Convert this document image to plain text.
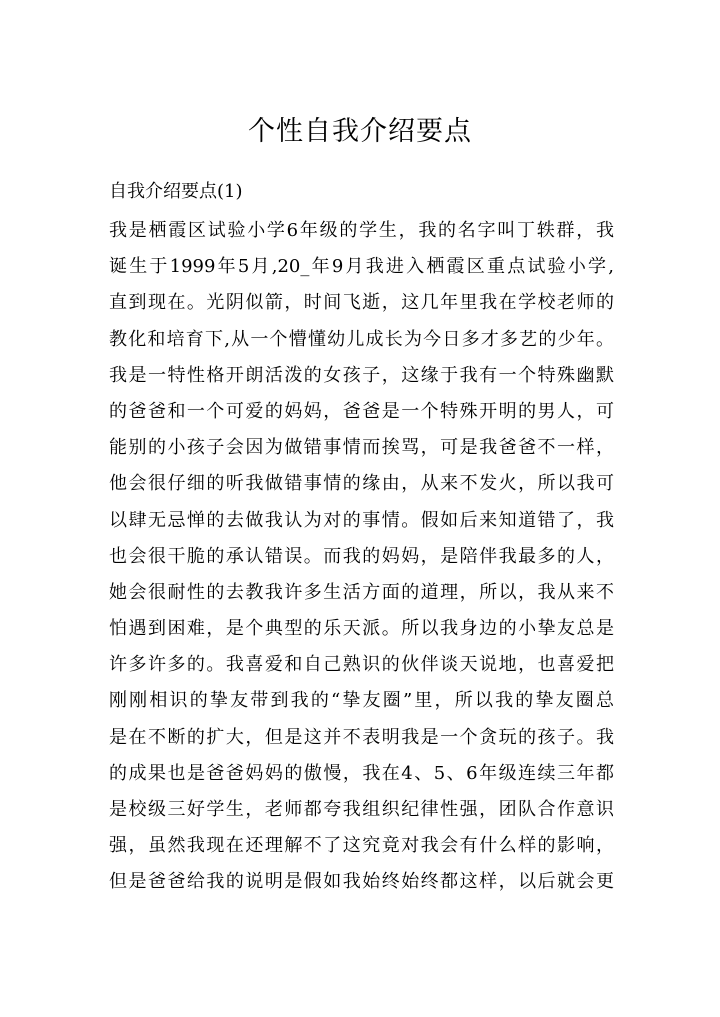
个性自我介绍要点
自我介绍要点(1)
我是栖霞区试验小学6年级的学生，我的名字叫丁轶群，我
诞生于1999年5月,20_年9月我进入栖霞区重点试验小学,
直到现在。光阴似箭，时间飞逝，这几年里我在学校老师的
教化和培育下,从一个懵懂幼儿成长为今日多才多艺的少年。
我是一特性格开朗活泼的女孩子，这缘于我有一个特殊幽默
的爸爸和一个可爱的妈妈，爸爸是一个特殊开明的男人，可
能别的小孩子会因为做错事情而挨骂，可是我爸爸不一样，
他会很仔细的听我做错事情的缘由，从来不发火，所以我可
以肆无忌惮的去做我认为对的事情。假如后来知道错了，我
也会很干脆的承认错误。而我的妈妈，是陪伴我最多的人，
她会很耐性的去教我许多生活方面的道理，所以，我从来不
怕遇到困难，是个典型的乐天派。所以我身边的小挚友总是
许多许多的。我喜爱和自己熟识的伙伴谈天说地，也喜爱把
刚刚相识的挚友带到我的“挚友圈”里，所以我的挚友圈总
是在不断的扩大，但是这并不表明我是一个贪玩的孩子。我
的成果也是爸爸妈妈的傲慢，我在4、5、6年级连续三年都
是校级三好学生，老师都夸我组织纪律性强，团队合作意识
强，虽然我现在还理解不了这究竟对我会有什么样的影响，
但是爸爸给我的说明是假如我始终始终都这样，以后就会更
